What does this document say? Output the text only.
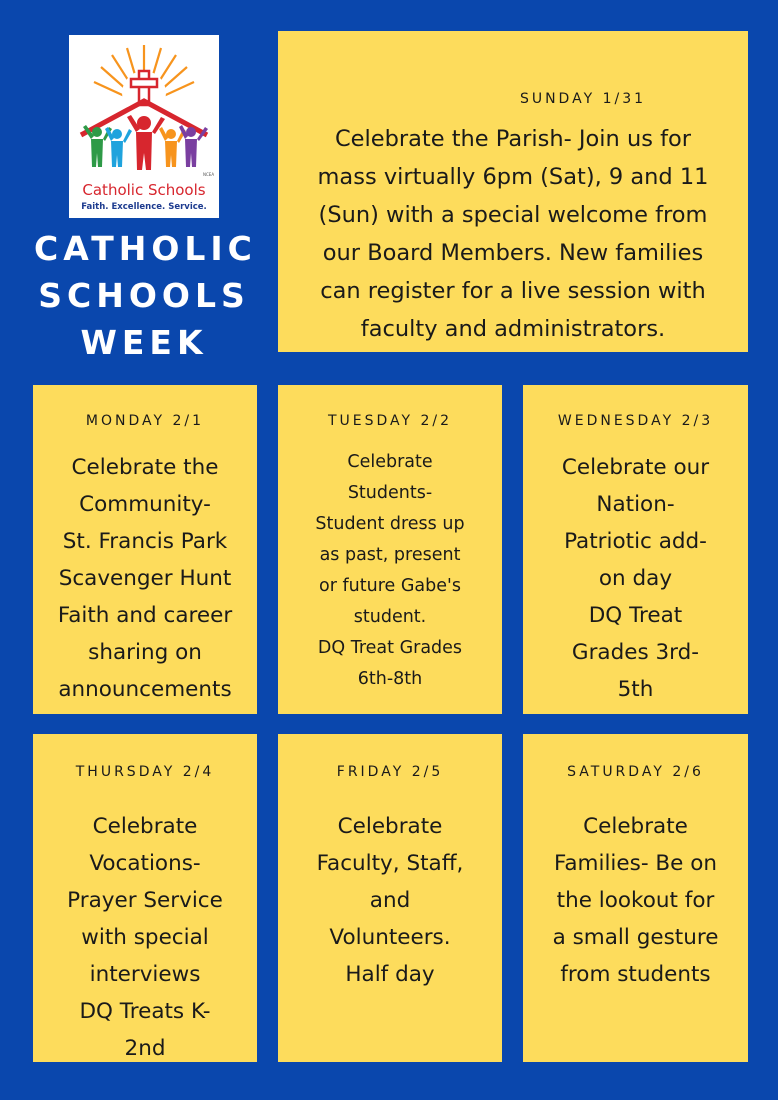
NCEA
Catholic Schools
Faith. Excellence. Service.
CATHOLIC
SCHOOLS
WEEK
SUNDAY 1/31
Celebrate the Parish- Join us for
mass virtually 6pm (Sat), 9 and 11
(Sun) with a special welcome from
our Board Members. New families
can register for a live session with
faculty and administrators.
MONDAY 2/1
Celebrate the
Community-
St. Francis Park
Scavenger Hunt
Faith and career
sharing on
announcements
TUESDAY 2/2
Celebrate
Students-
Student dress up
as past, present
or future Gabe's
student.
DQ Treat Grades
6th-8th
WEDNESDAY 2/3
Celebrate our
Nation-
Patriotic add-
on day
DQ Treat
Grades 3rd-
5th
THURSDAY 2/4
Celebrate
Vocations-
Prayer Service
with special
interviews
DQ Treats K-
2nd
FRIDAY 2/5
Celebrate
Faculty, Staff,
and
Volunteers.
Half day
SATURDAY 2/6
Celebrate
Families- Be on
the lookout for
a small gesture
from students
